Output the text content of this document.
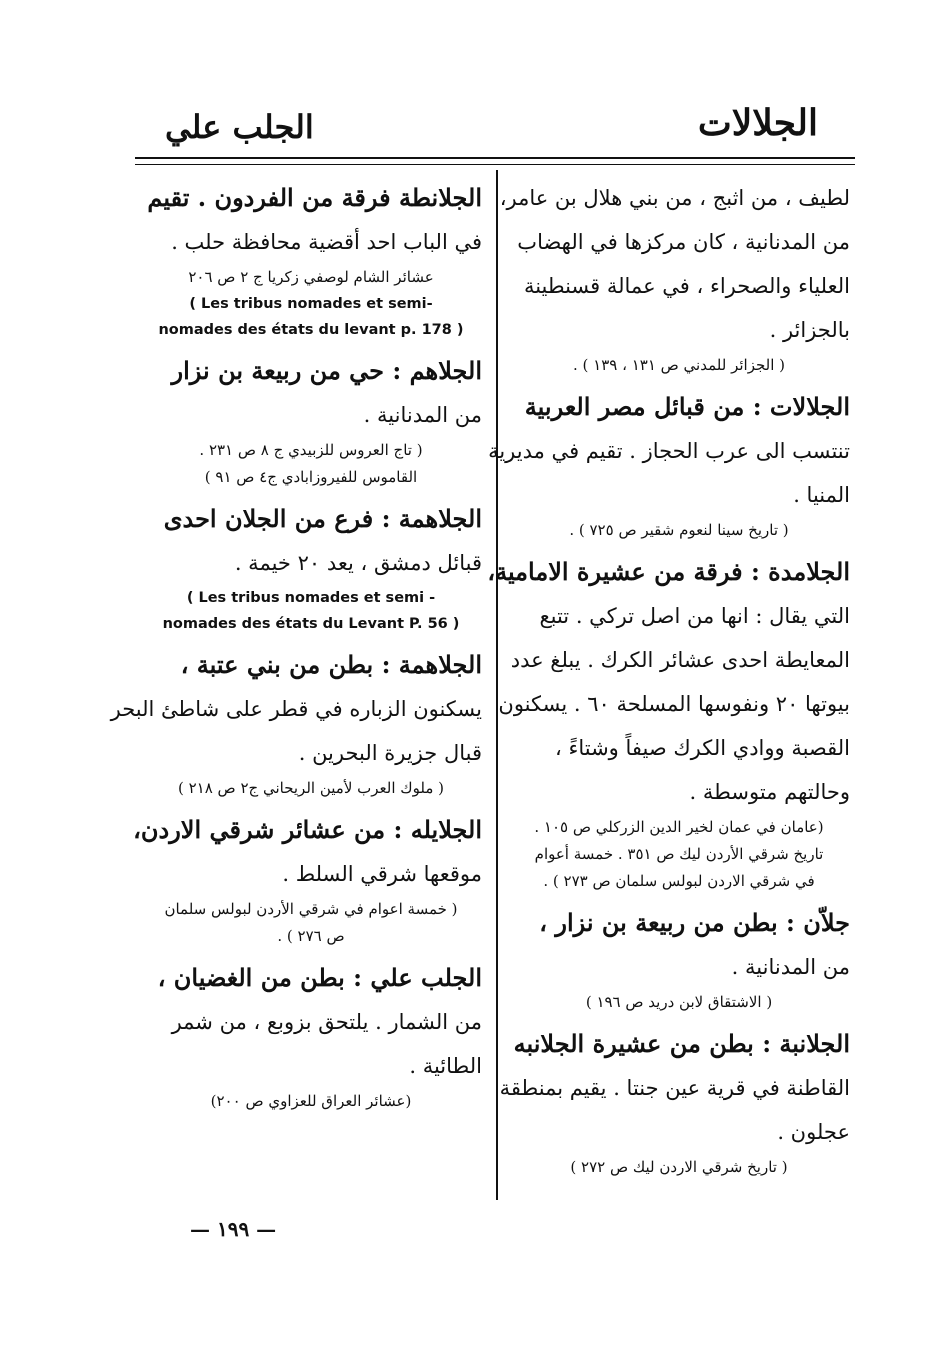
الجلالات
الجلب علي
لطيف ، من اثبج ، من بني هلال بن عامر،
من المدنانية ، كان مركزها في الهضاب
العلياء والصحراء ، في عمالة قسنطينة
بالجزائر .
( الجزائر للمدني ص ١٣١ ، ١٣٩ ) .
الجلالات : من قبائل مصر العربية
تنتسب الى عرب الحجاز . تقيم في مديرية
المنيا .
( تاريخ سينا لنعوم شقير ص ٧٢٥ ) .
الجلامدة : فرقة من عشيرة الامامية،
التي يقال : انها من اصل تركي . تتبع
المعايطة احدى عشائر الكرك . يبلغ عدد
بيوتها ٢٠ ونفوسها المسلحة ٦٠ . يسكنون
القصبة ووادي الكرك صيفاً وشتاءً ،
وحالتهم متوسطة .
(عامان في عمان لخير الدين الزركلي ص ١٠٥ .
تاريخ شرقي الأردن ليك ص ٣٥١ . خمسة أعوام
في شرقي الاردن لبولس سلمان ص ٢٧٣ ) .
جلاّن : بطن من ربيعة بن نزار ،
من المدنانية .
( الاشتقاق لابن دريد ص ١٩٦ )
الجلانبة : بطن من عشيرة الجلانبه
القاطنة في قرية عين جنتا . يقيم بمنطقة
عجلون .
( تاريخ شرقي الاردن ليك ص ٢٧٢ )
الجلانطة فرقة من الفردون . تقيم
في الباب احد أقضية محافظة حلب .
عشائر الشام لوصفي زكريا ج ٢ ص ٢٠٦
( Les tribus nomades et semi-
nomades des états du levant p. 178 )
الجلاهم : حي من ربيعة بن نزار
من المدنانية .
( تاج العروس للزبيدي ج ٨ ص ٢٣١ .
القاموس للفيروزابادي ج٤ ص ٩١ )
الجلاهمة : فرع من الجلان احدى
قبائل دمشق ، يعد ٢٠ خيمة .
( Les tribus nomades et semi -
nomades des états du Levant P. 56 )
الجلاهمة : بطن من بني عتبة ،
يسكنون الزباره في قطر على شاطئ البحر
قبال جزيرة البحرين .
( ملوك العرب لأمين الريحاني ج٢ ص ٢١٨ )
الجلايله : من عشائر شرقي الاردن،
موقعها شرقي السلط .
( خمسة اعوام في شرقي الأردن لبولس سلمان
ص ٢٧٦ ) .
الجلب علي : بطن من الغضيان ،
من الشمار . يلتحق بزوبع ، من شمر
الطائية .
(عشائر العراق للعزاوي ص ٢٠٠)
— ١٩٩ —
